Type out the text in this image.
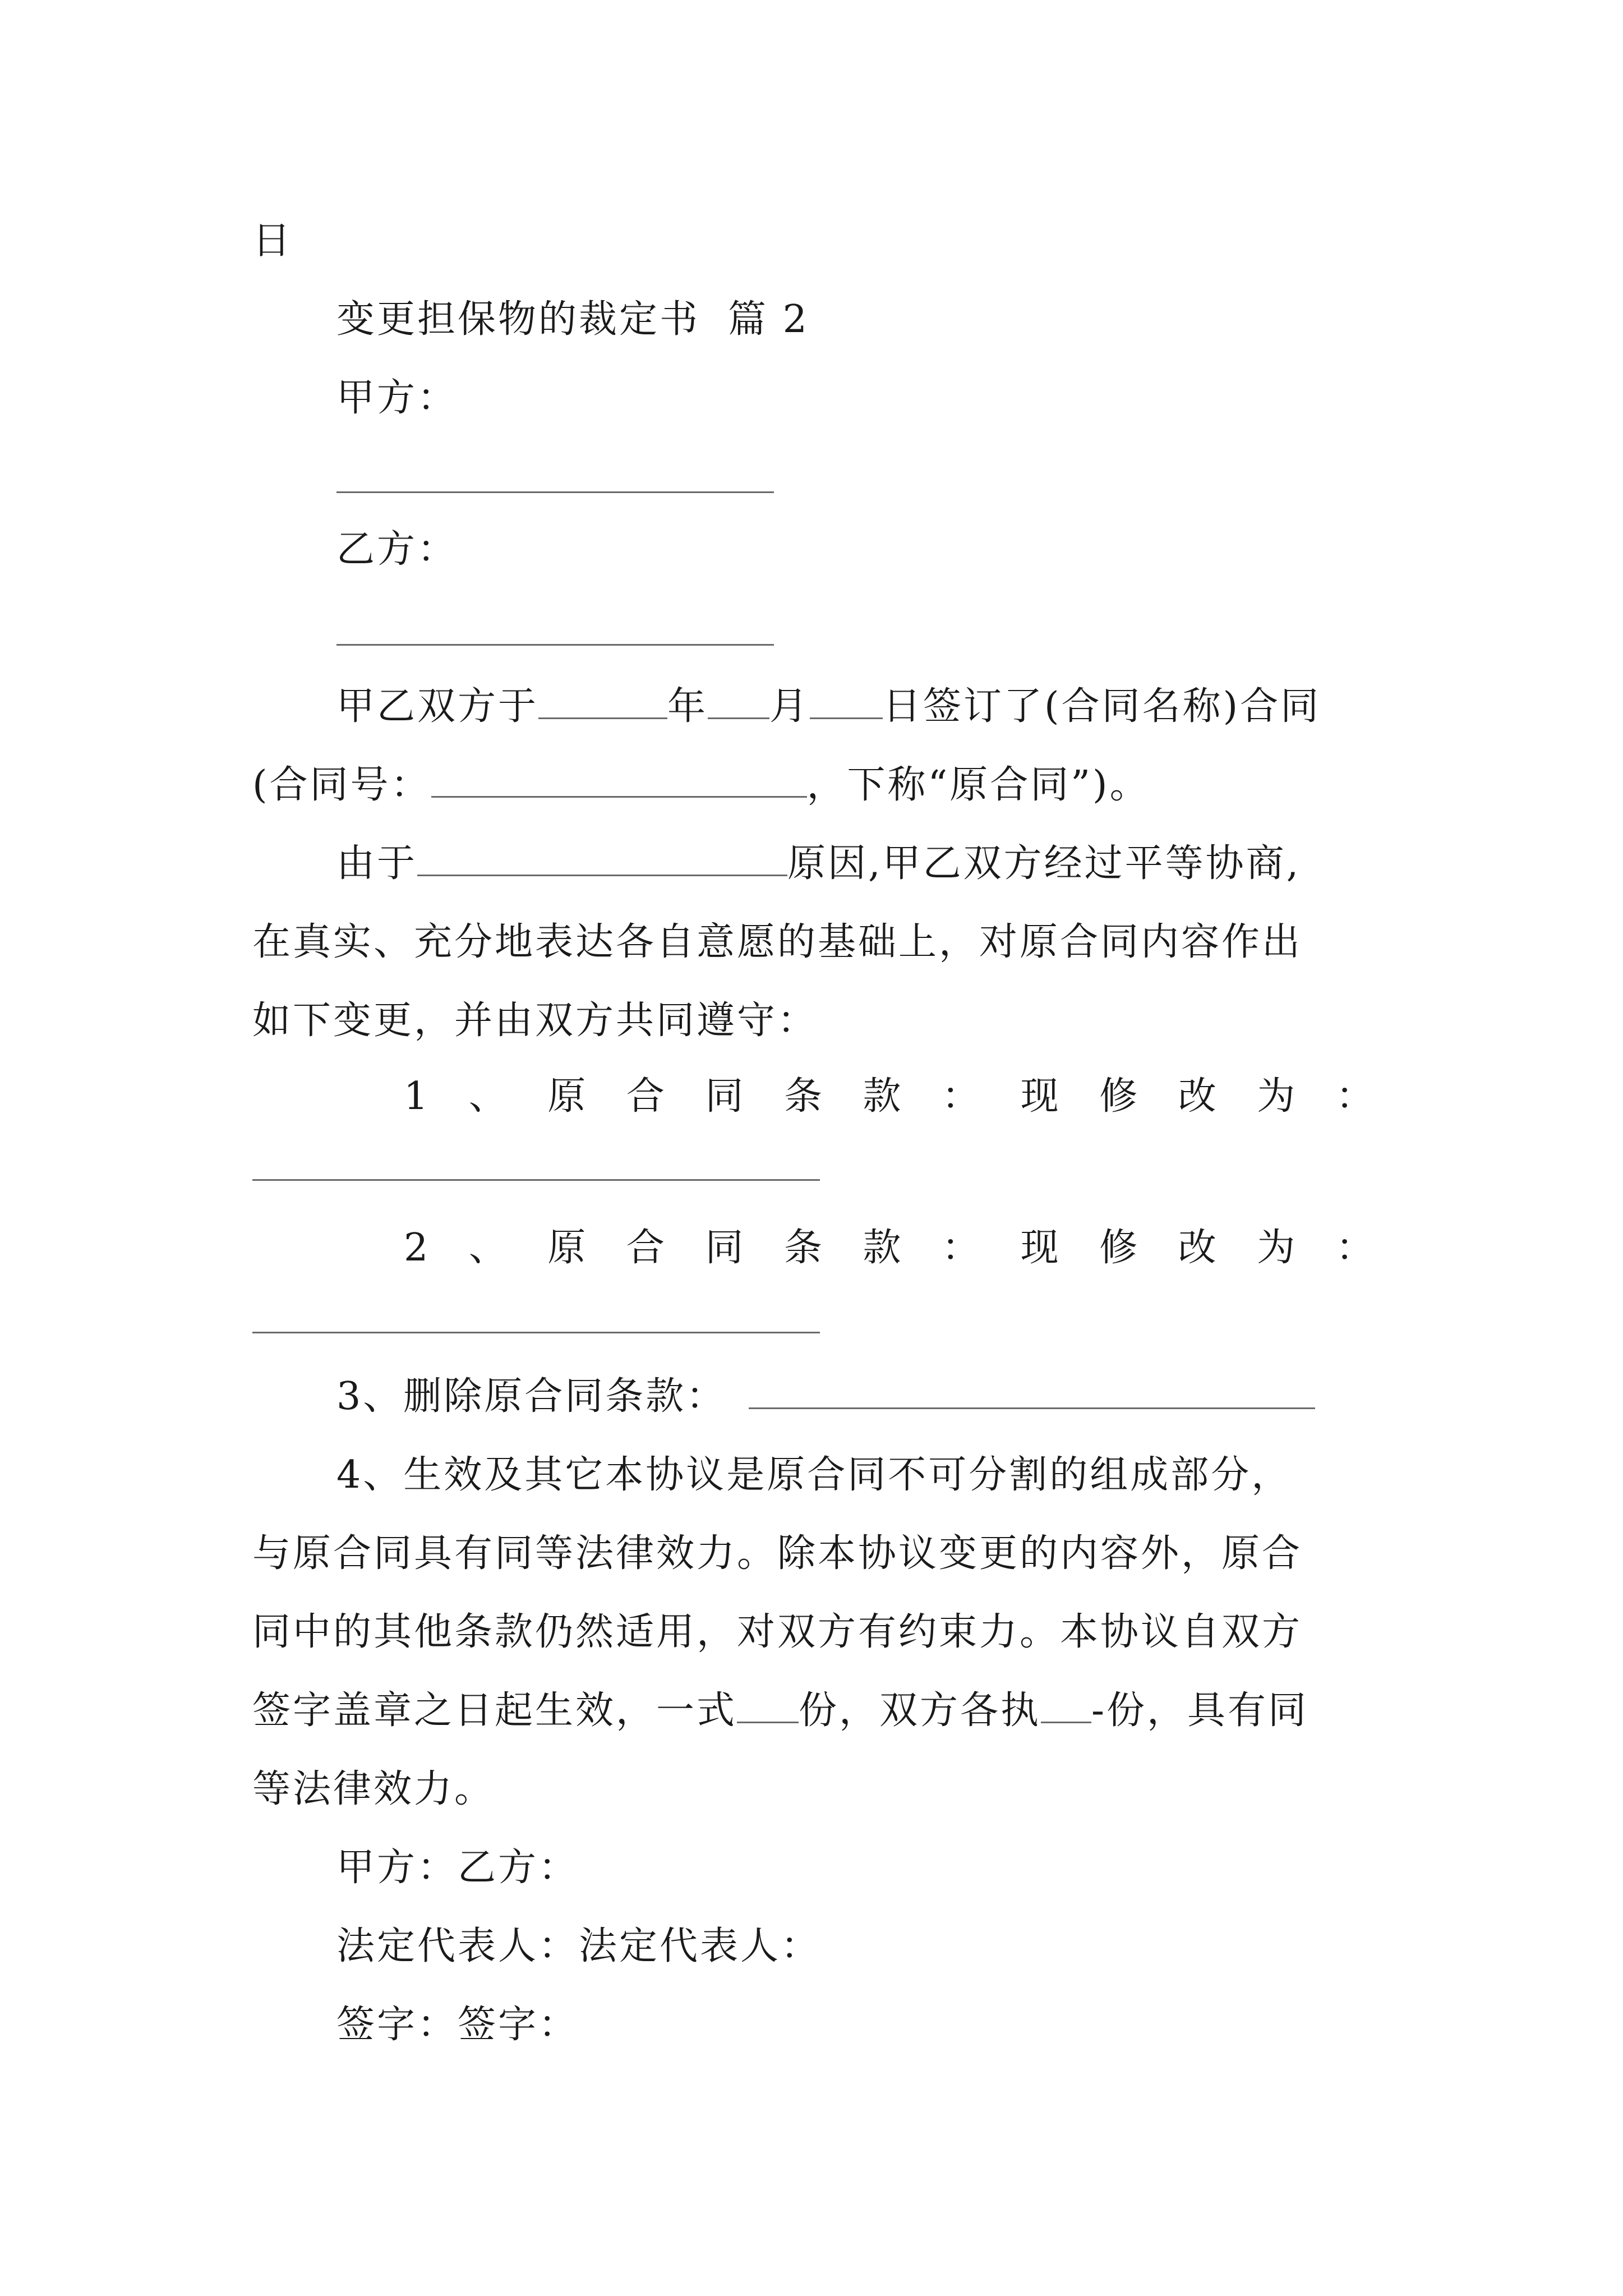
日
变更担保物的裁定书 篇 2
甲方：
乙方：
甲乙双方于	年 月 日签订了(合同名称)合同
(合同号：	，下称“原合同”)。
由于	原因,甲乙双方经过平等协商,
在真实、充分地表达各自意愿的基础上，对原合同内容作出
如下变更，并由双方共同遵守：
1 、 原 合 同 条 款 ： 现 修 改 为 ：
2 、 原 合 同 条 款 ： 现 修 改 为 ：
3、删除原合同条款：
4、生效及其它本协议是原合同不可分割的组成部分，
与原合同具有同等法律效力。除本协议变更的内容外，原合
同中的其他条款仍然适用，对双方有约束力。本协议自双方
签字盖章之日起生效，一式 份，双方各执 -份，具有同
等法律效力。
甲方：乙方：
法定代表人：法定代表人：
签字：签字：
